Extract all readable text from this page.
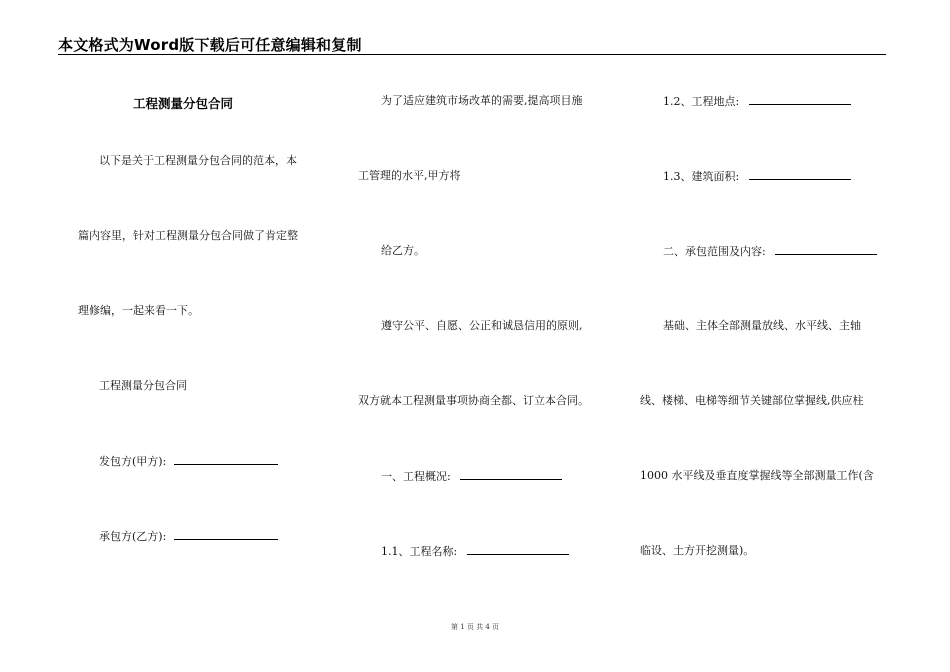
本文格式为Word版下载后可任意编辑和复制
工程测量分包合同
以下是关于工程测量分包合同的范本，本
篇内容里，针对工程测量分包合同做了肯定整
理修编，一起来看一下。
工程测量分包合同
发包方(甲方):
承包方(乙方):
为了适应建筑市场改革的需要,提高项目施
工管理的水平,甲方将
给乙方。
遵守公平、自愿、公正和诚恳信用的原则,
双方就本工程测量事项协商全都、订立本合同。
一、工程概况:
1.1、工程名称:
1.2、工程地点:
1.3、建筑面积:
二、承包范围及内容:
基础、主体全部测量放线、水平线、主轴
线、楼梯、电梯等细节关键部位掌握线,供应柱
1000 水平线及垂直度掌握线等全部测量工作(含
临设、土方开挖测量)。
第 1 页 共 4 页
